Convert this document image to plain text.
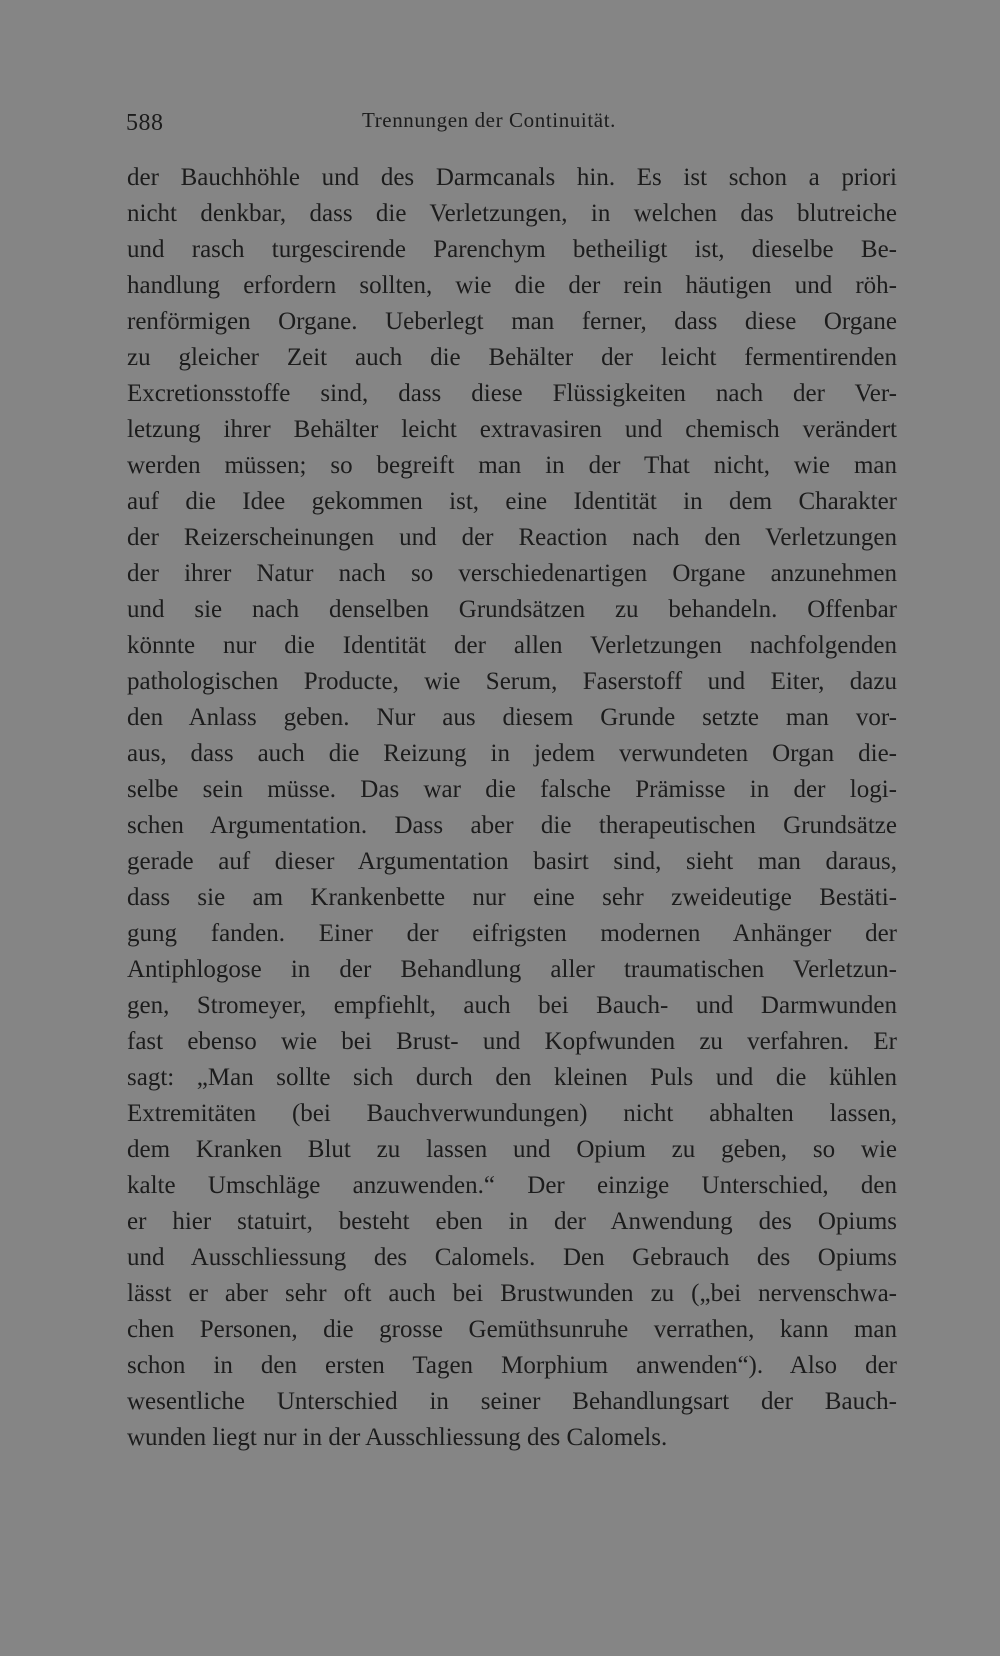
588	Trennungen der Continuität.
der Bauchhöhle und des Darmcanals hin. Es ist schon a priori
nicht denkbar, dass die Verletzungen, in welchen das blutreiche
und rasch turgescirende Parenchym betheiligt ist, dieselbe Be-
handlung erfordern sollten, wie die der rein häutigen und röh-
renförmigen Organe. Ueberlegt man ferner, dass diese Organe
zu gleicher Zeit auch die Behälter der leicht fermentirenden
Excretionsstoffe sind, dass diese Flüssigkeiten nach der Ver-
letzung ihrer Behälter leicht extravasiren und chemisch verändert
werden müssen; so begreift man in der That nicht, wie man
auf die Idee gekommen ist, eine Identität in dem Charakter
der Reizerscheinungen und der Reaction nach den Verletzungen
der ihrer Natur nach so verschiedenartigen Organe anzunehmen
und sie nach denselben Grundsätzen zu behandeln. Offenbar
könnte nur die Identität der allen Verletzungen nachfolgenden
pathologischen Producte, wie Serum, Faserstoff und Eiter, dazu
den Anlass geben. Nur aus diesem Grunde setzte man vor-
aus, dass auch die Reizung in jedem verwundeten Organ die-
selbe sein müsse. Das war die falsche Prämisse in der logi-
schen Argumentation. Dass aber die therapeutischen Grundsätze
gerade auf dieser Argumentation basirt sind, sieht man daraus,
dass sie am Krankenbette nur eine sehr zweideutige Bestäti-
gung fanden. Einer der eifrigsten modernen Anhänger der
Antiphlogose in der Behandlung aller traumatischen Verletzun-
gen, Stromeyer, empfiehlt, auch bei Bauch- und Darmwunden
fast ebenso wie bei Brust- und Kopfwunden zu verfahren. Er
sagt: „Man sollte sich durch den kleinen Puls und die kühlen
Extremitäten (bei Bauchverwundungen) nicht abhalten lassen,
dem Kranken Blut zu lassen und Opium zu geben, so wie
kalte Umschläge anzuwenden.“ Der einzige Unterschied, den
er hier statuirt, besteht eben in der Anwendung des Opiums
und Ausschliessung des Calomels. Den Gebrauch des Opiums
lässt er aber sehr oft auch bei Brustwunden zu („bei nervenschwa-
chen Personen, die grosse Gemüthsunruhe verrathen, kann man
schon in den ersten Tagen Morphium anwenden“). Also der
wesentliche Unterschied in seiner Behandlungsart der Bauch-
wunden liegt nur in der Ausschliessung des Calomels.
